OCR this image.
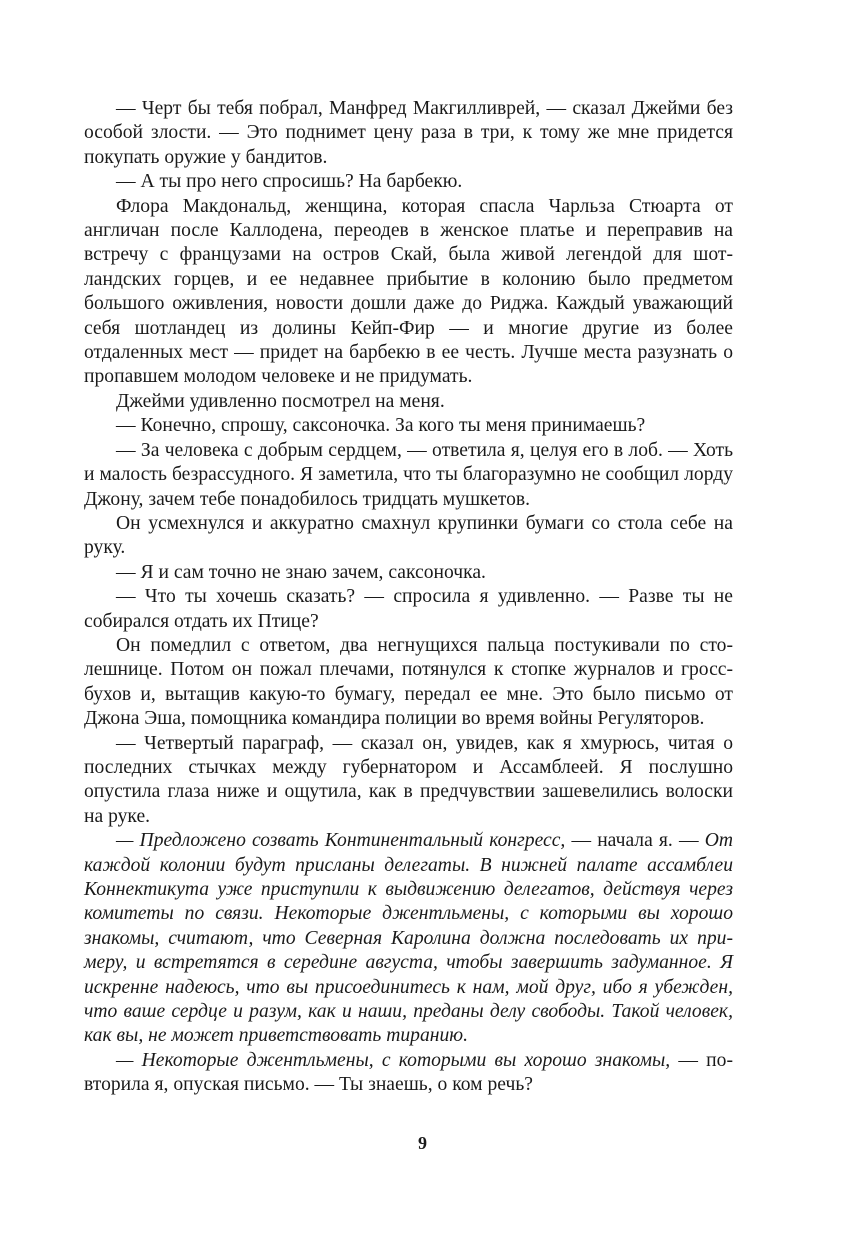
— Черт бы тебя побрал, Манфред Макгилливрей, — сказал Джейми без особой злости. — Это поднимет цену раза в три, к тому же мне придется покупать оружие у бандитов.

— А ты про него спросишь? На барбекю.

Флора Макдональд, женщина, которая спасла Чарльза Стюарта от англичан после Каллодена, переодев в женское платье и переправив на встречу с французами на остров Скай, была живой легендой для шотландских горцев, и ее недавнее прибытие в колонию было предметом большого оживления, новости дошли даже до Риджа. Каждый уважающий себя шотландец из долины Кейп-Фир — и многие другие из более отдаленных мест — придет на барбекю в ее честь. Лучше места разузнать о пропавшем молодом человеке и не придумать.

Джейми удивленно посмотрел на меня.

— Конечно, спрошу, саксоночка. За кого ты меня принимаешь?

— За человека с добрым сердцем, — ответила я, целуя его в лоб. — Хоть и малость безрассудного. Я заметила, что ты благоразумно не сообщил лорду Джону, зачем тебе понадобилось тридцать мушкетов.

Он усмехнулся и аккуратно смахнул крупинки бумаги со стола себе на руку.

— Я и сам точно не знаю зачем, саксоночка.

— Что ты хочешь сказать? — спросила я удивленно. — Разве ты не собирался отдать их Птице?

Он помедлил с ответом, два негнущихся пальца постукивали по столешнице. Потом он пожал плечами, потянулся к стопке журналов и гроссбухов и, вытащив какую-то бумагу, передал ее мне. Это было письмо от Джона Эша, помощника командира полиции во время войны Регуляторов.

— Четвертый параграф, — сказал он, увидев, как я хмурюсь, читая о последних стычках между губернатором и Ассамблеей. Я послушно опустила глаза ниже и ощутила, как в предчувствии зашевелились волоски на руке.

— Предложено созвать Континентальный конгресс, — начала я. — От каждой колонии будут присланы делегаты. В нижней палате ассамблеи Коннектикута уже приступили к выдвижению делегатов, действуя через комитеты по связи. Некоторые джентльмены, с которыми вы хорошо знакомы, считают, что Северная Каролина должна последовать их примеру, и встретятся в середине августа, чтобы завершить задуманное. Я искренне надеюсь, что вы присоединитесь к нам, мой друг, ибо я убежден, что ваше сердце и разум, как и наши, преданы делу свободы. Такой человек, как вы, не может приветствовать тиранию.

— Некоторые джентльмены, с которыми вы хорошо знакомы, — повторила я, опуская письмо. — Ты знаешь, о ком речь?

9
